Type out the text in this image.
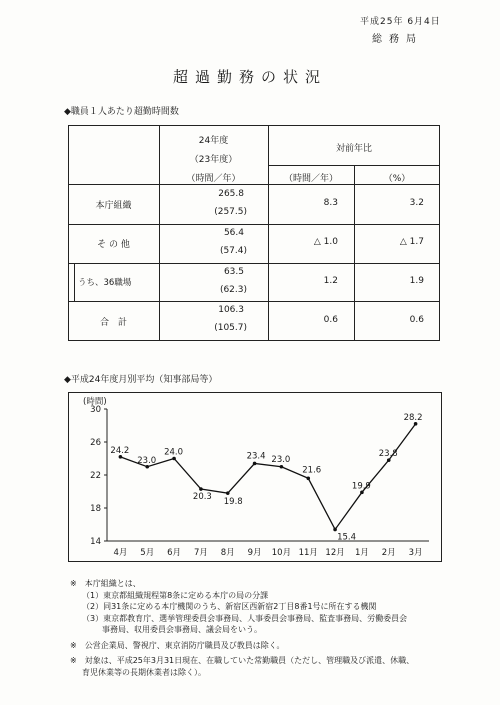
平成25年 6月4日
総務局
超過勤務の状況
◆職員１人あたり超勤時間数
24年度
（23年度）
（時間／年）
対前年比
（時間／年）	（%）
本庁組織
265.8
(257.5)
8.3	3.2
そ の 他
56.4
(57.4)
△ 1.0	△ 1.7
うち、36職場
63.5
(62.3)
1.2	1.9
合　計
106.3
(105.7)
0.6	0.6
◆平成24年度月別平均（知事部局等）
(時間)
14
18
22
26
30
4月 5月 6月 7月 8月 9月 10月 11月 12月 1月 2月 3月
24.2
23.0
24.0
20.3
19.8
23.4 23.0
21.6
15.4
19.9
23.8
28.2
※　本庁組織とは、
（1）東京都組織規程第8条に定める本庁の局の分課
（2）同31条に定める本庁機関のうち、新宿区西新宿2丁目8番1号に所在する機関
（3）東京都教育庁、選挙管理委員会事務局、人事委員会事務局、監査事務局、労働委員会
事務局、収用委員会事務局、議会局をいう。
※　公営企業局、警視庁、東京消防庁職員及び教員は除く。
※　対象は、平成25年3月31日現在、在職していた常勤職員（ただし、管理職及び派遣、休職、
育児休業等の長期休業者は除く）。
